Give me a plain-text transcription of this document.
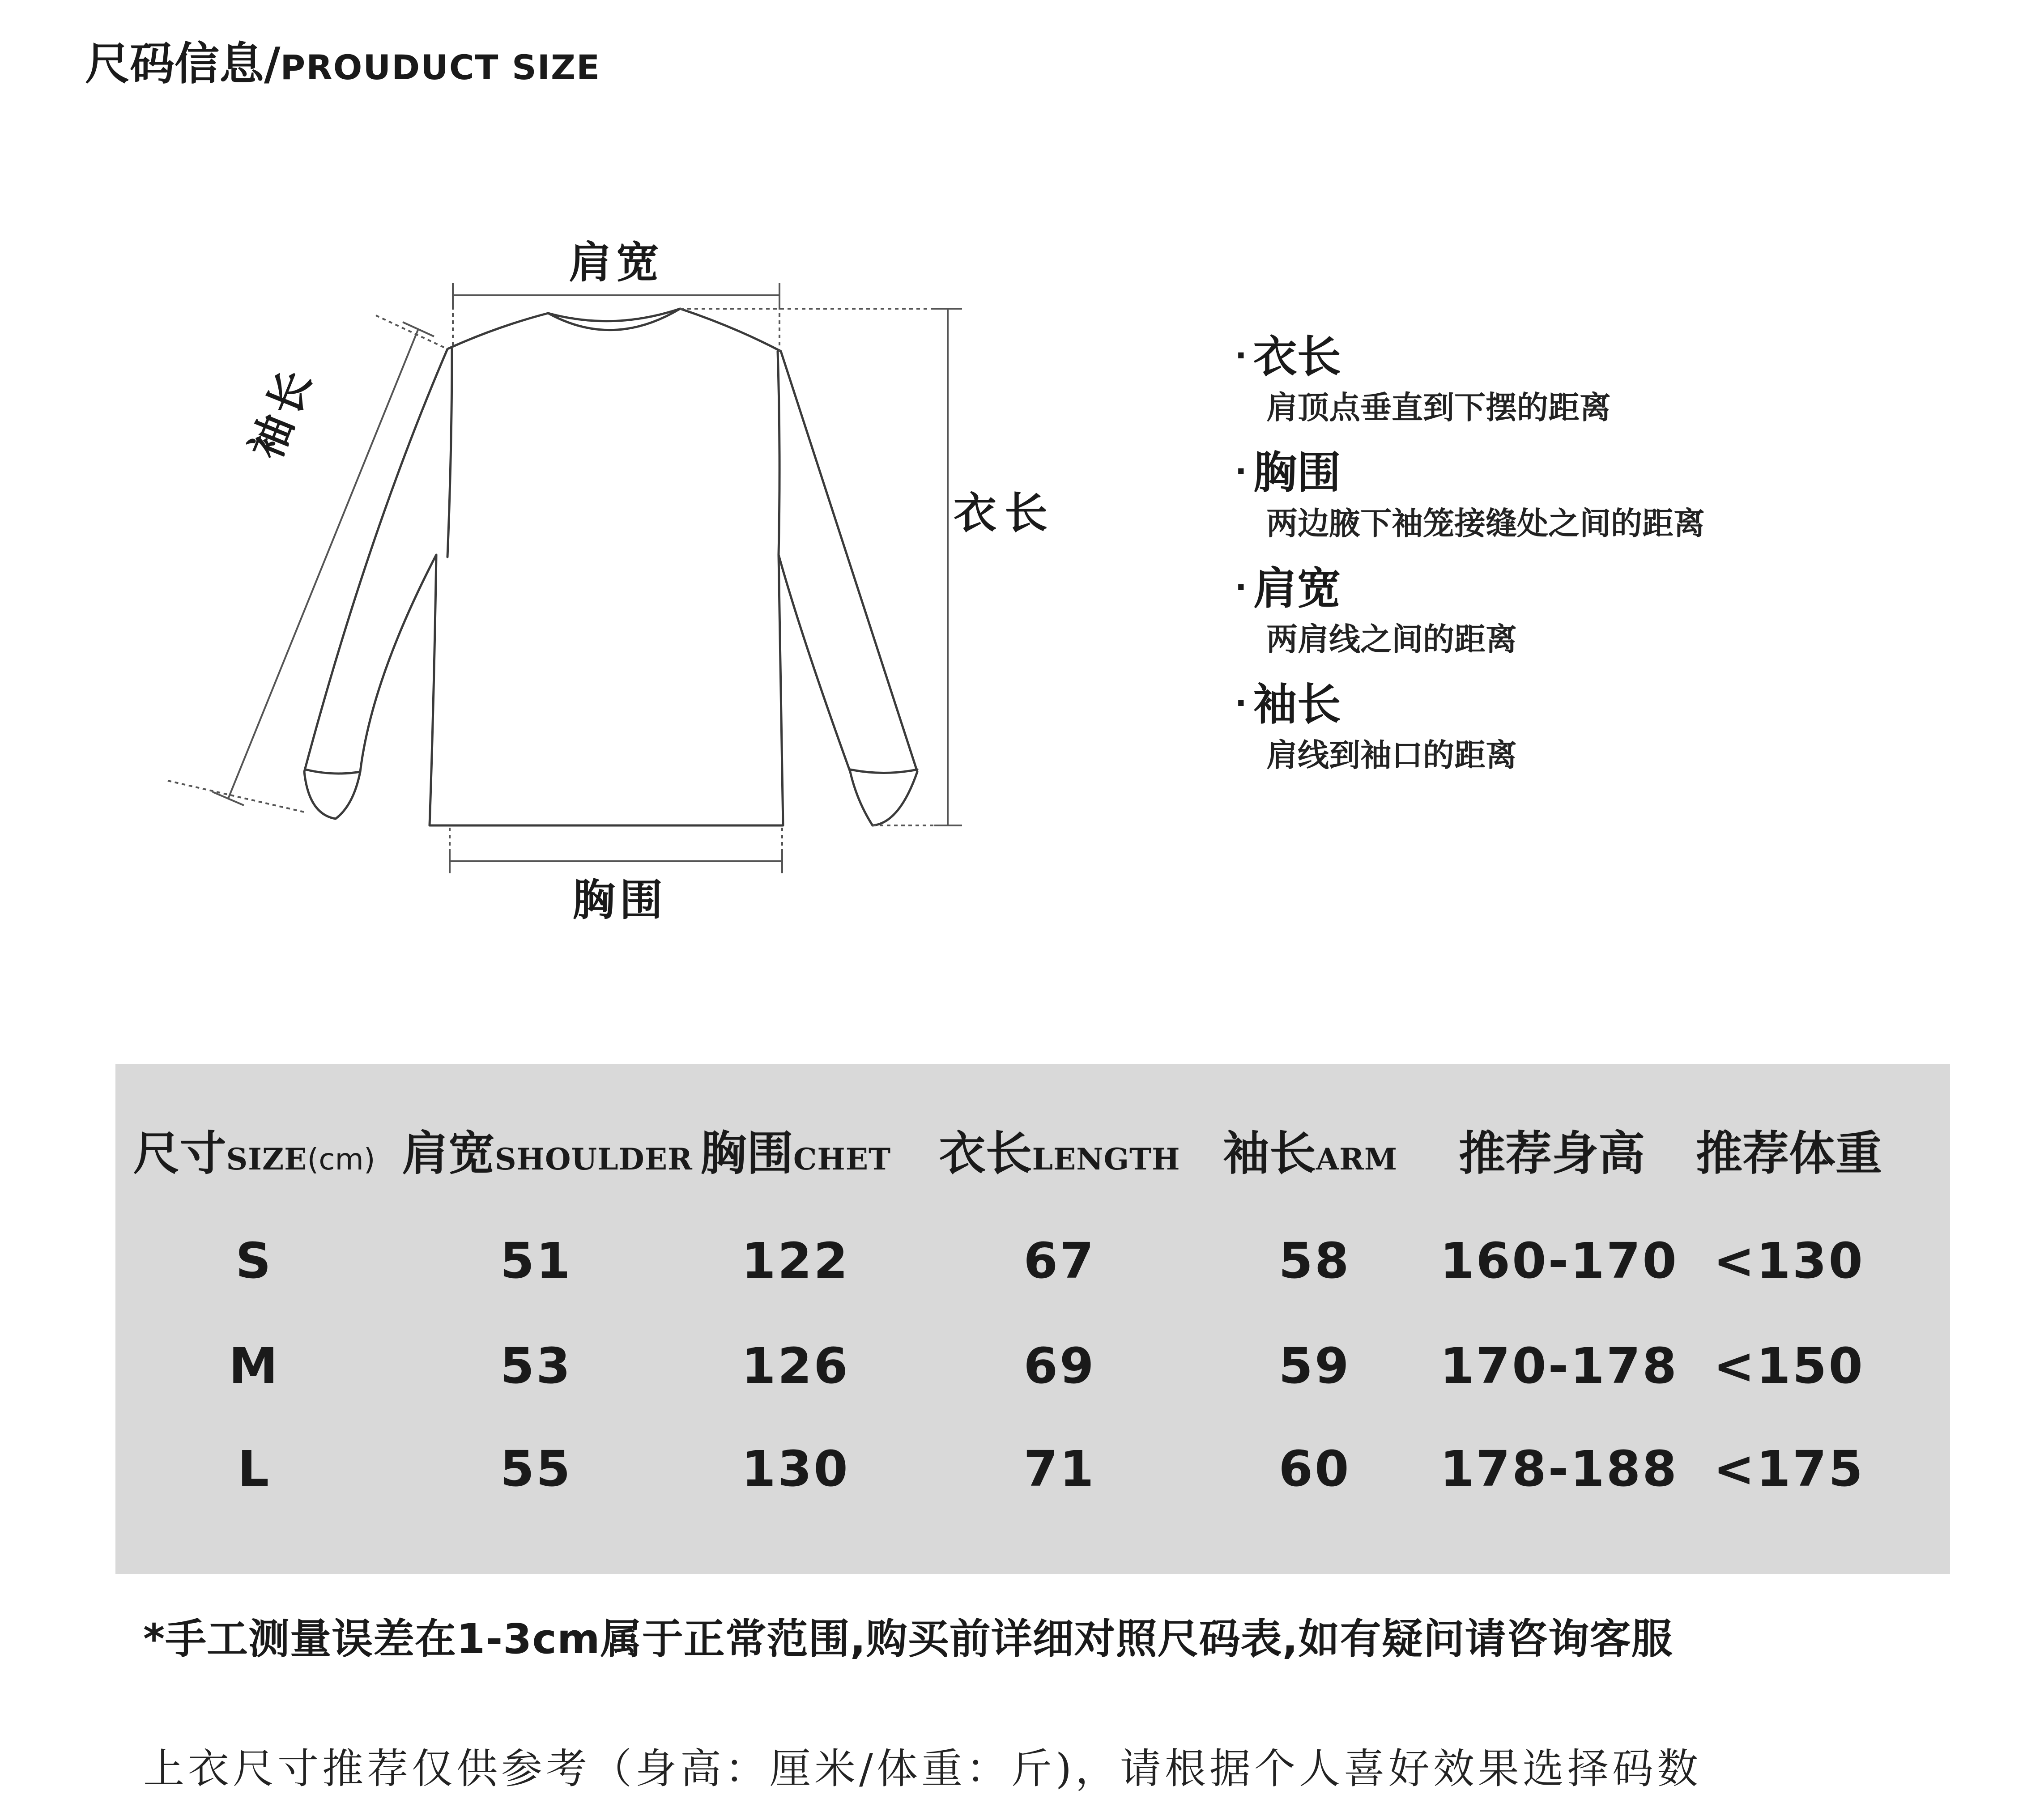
尺码信息/PROUDUCT SIZE
肩宽
衣长
胸围
袖长
· 衣长
肩顶点垂直到下摆的距离
· 胸围
两边腋下袖笼接缝处之间的距离
· 肩宽
两肩线之间的距离
· 袖长
肩线到袖口的距离
尺寸SIZE(cm) 肩宽SHOULDER 胸围CHET	衣长LENGTH 袖长ARM	推荐身高	推荐体重
S	51	122	67	58	160-170 <130
M	53	126	69	59	170-178 <150
L	55	130	71	60	178-188 <175
*手工测量误差在1-3cm属于正常范围,购买前详细对照尺码表,如有疑问请咨询客服
上衣尺寸推荐仅供参考（身高：厘米/体重：斤)，请根据个人喜好效果选择码数
